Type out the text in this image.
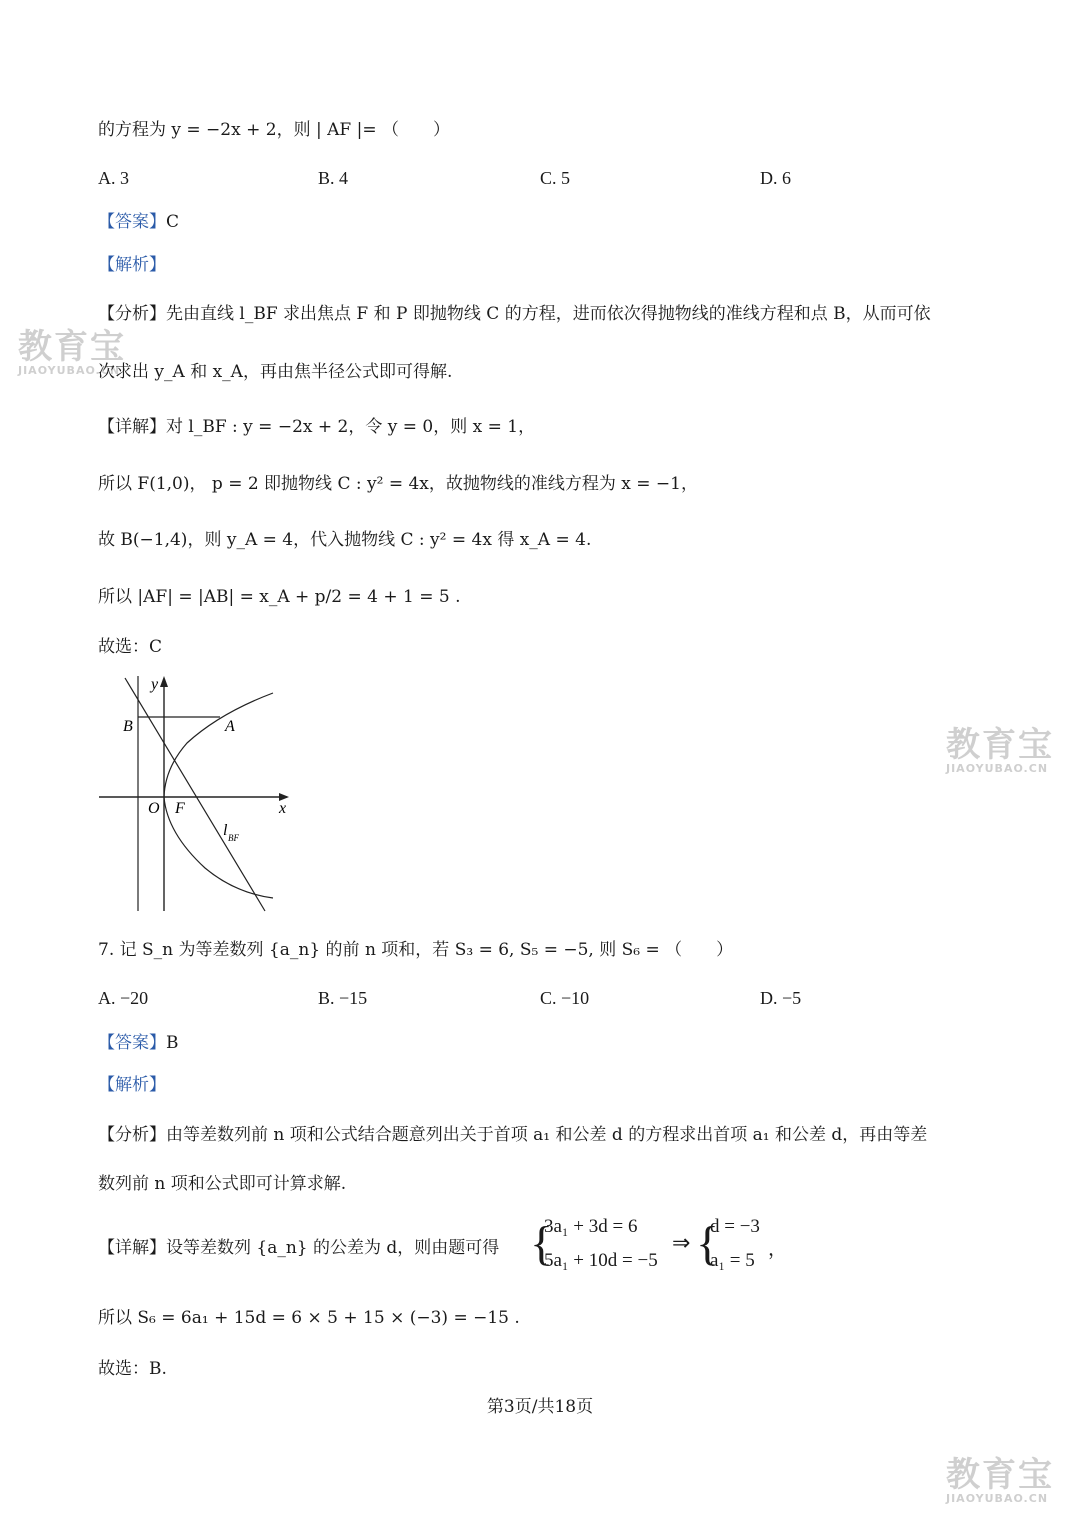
教育宝
JIAOYUBAO.CN
教育宝
JIAOYUBAO.CN
教育宝
JIAOYUBAO.CN
的方程为 y = −2x + 2，则 | AF |= （　　）
A. 3	B. 4	C. 5	D. 6
【答案】C
【解析】
【分析】先由直线 l_BF 求出焦点 F 和 P 即抛物线 C 的方程，进而依次得抛物线的准线方程和点 B，从而可依
次求出 y_A 和 x_A，再由焦半径公式即可得解.
【详解】对 l_BF : y = −2x + 2，令 y = 0，则 x = 1，
所以 F(1,0)， p = 2 即抛物线 C : y² = 4x，故抛物线的准线方程为 x = −1，
故 B(−1,4)，则 y_A = 4，代入抛物线 C : y² = 4x 得 x_A = 4.
所以 |AF| = |AB| = x_A + p/2 = 4 + 1 = 5 .
故选：C
y
x
B	A
O F
l BF
7. 记 S_n 为等差数列 {a_n} 的前 n 项和，若 S₃ = 6, S₅ = −5, 则 S₆ = （　　）
A. −20	B. −15	C. −10	D. −5
【答案】B
【解析】
【分析】由等差数列前 n 项和公式结合题意列出关于首项 a₁ 和公差 d 的方程求出首项 a₁ 和公差 d，再由等差
数列前 n 项和公式即可计算求解.
【详解】设等差数列 {a_n} 的公差为 d，则由题可得 {
3a₁ + 3d = 6
5a₁ + 10d = −5
⇒ {
d = −3
a₁ = 5
，
所以 S₆ = 6a₁ + 15d = 6 × 5 + 15 × (−3) = −15 .
故选：B.
第3页/共18页
